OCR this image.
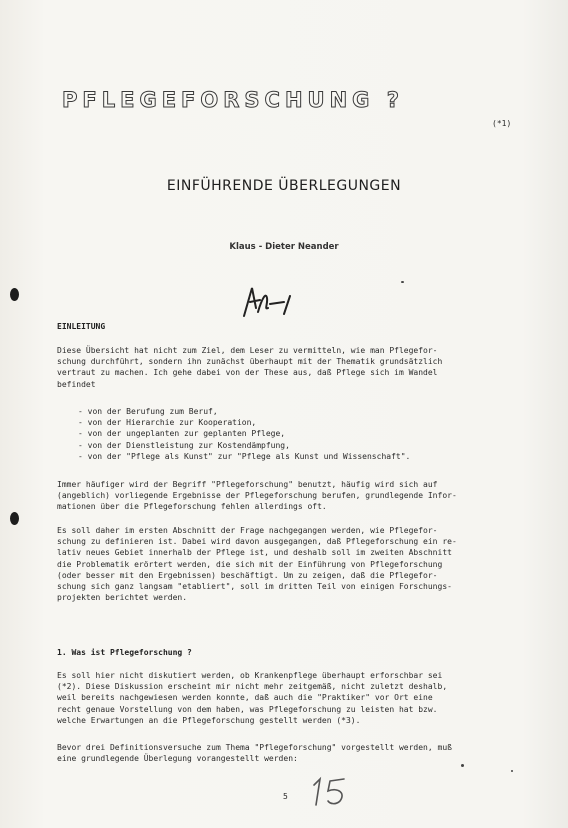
PFLEGEFORSCHUNG ?
(*1)
EINFÜHRENDE ÜBERLEGUNGEN
Klaus - Dieter Neander
EINLEITUNG

Diese Übersicht hat nicht zum Ziel, dem Leser zu vermitteln, wie man Pflegefor-
schung durchführt, sondern ihn zunächst überhaupt mit der Thematik grundsätzlich
vertraut zu machen. Ich gehe dabei von der These aus, daß Pflege sich im Wandel
befindet

- von der Berufung zum Beruf,
- von der Hierarchie zur Kooperation,
- von der ungeplanten zur geplanten Pflege,
- von der Dienstleistung zur Kostendämpfung,
- von der "Pflege als Kunst" zur "Pflege als Kunst und Wissenschaft".

Immer häufiger wird der Begriff "Pflegeforschung" benutzt, häufig wird sich auf
(angeblich) vorliegende Ergebnisse der Pflegeforschung berufen, grundlegende Infor-
mationen über die Pflegeforschung fehlen allerdings oft.

Es soll daher im ersten Abschnitt der Frage nachgegangen werden, wie Pflegefor-
schung zu definieren ist. Dabei wird davon ausgegangen, daß Pflegeforschung ein re-
lativ neues Gebiet innerhalb der Pflege ist, und deshalb soll im zweiten Abschnitt
die Problematik erörtert werden, die sich mit der Einführung von Pflegeforschung
(oder besser mit den Ergebnissen) beschäftigt. Um zu zeigen, daß die Pflegefor-
schung sich ganz langsam "etabliert", soll im dritten Teil von einigen Forschungs-
projekten berichtet werden.

1. Was ist Pflegeforschung ?

Es soll hier nicht diskutiert werden, ob Krankenpflege überhaupt erforschbar sei
(*2). Diese Diskussion erscheint mir nicht mehr zeitgemäß, nicht zuletzt deshalb,
weil bereits nachgewiesen werden konnte, daß auch die "Praktiker" vor Ort eine
recht genaue Vorstellung von dem haben, was Pflegeforschung zu leisten hat bzw.
welche Erwartungen an die Pflegeforschung gestellt werden (*3).

Bevor drei Definitionsversuche zum Thema "Pflegeforschung" vorgestellt werden, muß
eine grundlegende Überlegung vorangestellt werden:

5
